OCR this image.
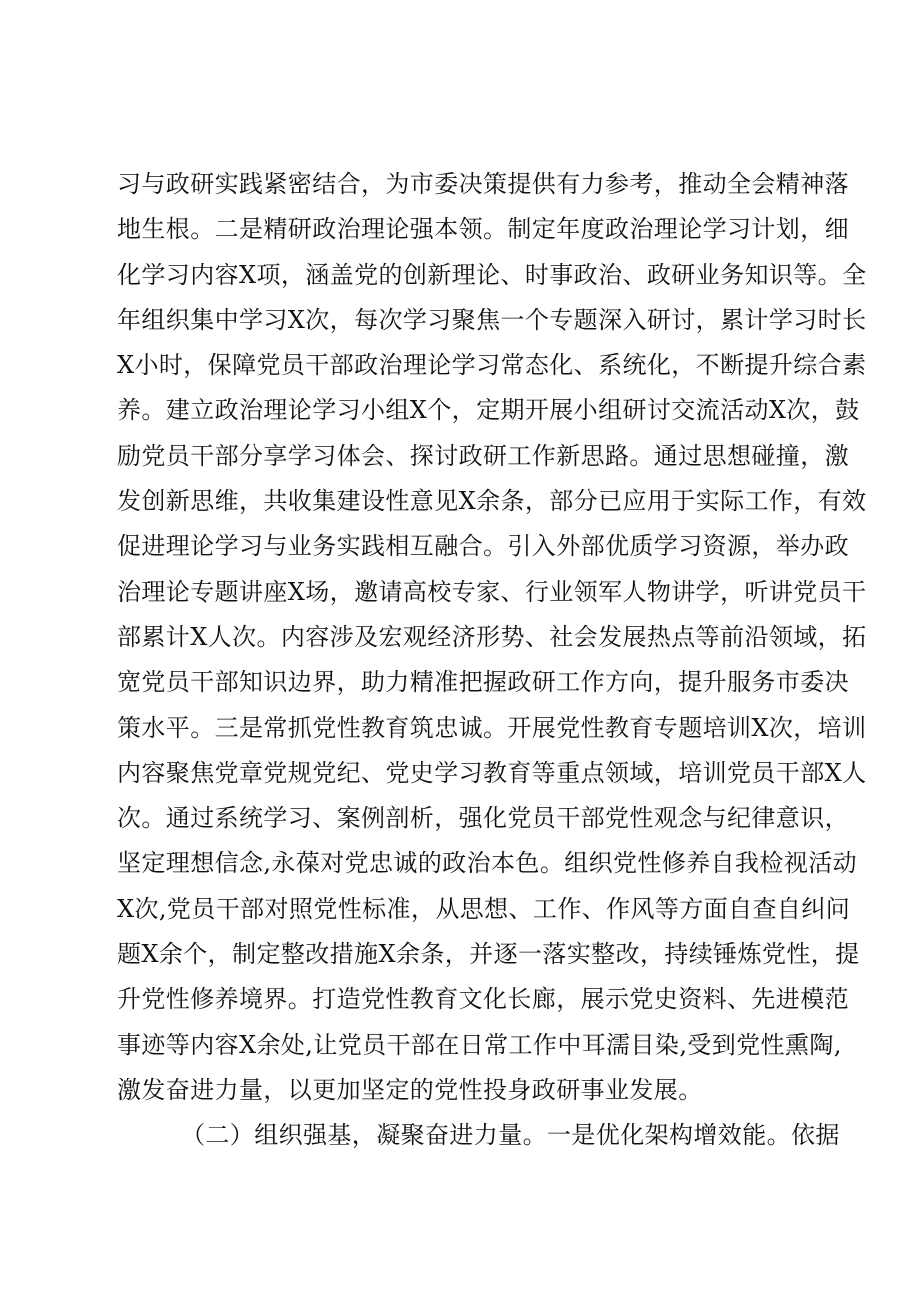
习与政研实践紧密结合，为市委决策提供有力参考，推动全会精神落
地生根。二是精研政治理论强本领。制定年度政治理论学习计划，细
化学习内容X项，涵盖党的创新理论、时事政治、政研业务知识等。全
年组织集中学习X次，每次学习聚焦一个专题深入研讨，累计学习时长
X小时，保障党员干部政治理论学习常态化、系统化，不断提升综合素
养。建立政治理论学习小组X个，定期开展小组研讨交流活动X次，鼓
励党员干部分享学习体会、探讨政研工作新思路。通过思想碰撞，激
发创新思维，共收集建设性意见X余条，部分已应用于实际工作，有效
促进理论学习与业务实践相互融合。引入外部优质学习资源，举办政
治理论专题讲座X场，邀请高校专家、行业领军人物讲学，听讲党员干
部累计X人次。内容涉及宏观经济形势、社会发展热点等前沿领域，拓
宽党员干部知识边界，助力精准把握政研工作方向，提升服务市委决
策水平。三是常抓党性教育筑忠诚。开展党性教育专题培训X次，培训
内容聚焦党章党规党纪、党史学习教育等重点领域，培训党员干部X人
次。通过系统学习、案例剖析，强化党员干部党性观念与纪律意识，
坚定理想信念,永葆对党忠诚的政治本色。组织党性修养自我检视活动
X次,党员干部对照党性标准，从思想、工作、作风等方面自查自纠问
题X余个，制定整改措施X余条，并逐一落实整改，持续锤炼党性，提
升党性修养境界。打造党性教育文化长廊，展示党史资料、先进模范
事迹等内容X余处,让党员干部在日常工作中耳濡目染,受到党性熏陶,
激发奋进力量，以更加坚定的党性投身政研事业发展。
（二）组织强基，凝聚奋进力量。一是优化架构增效能。依据
